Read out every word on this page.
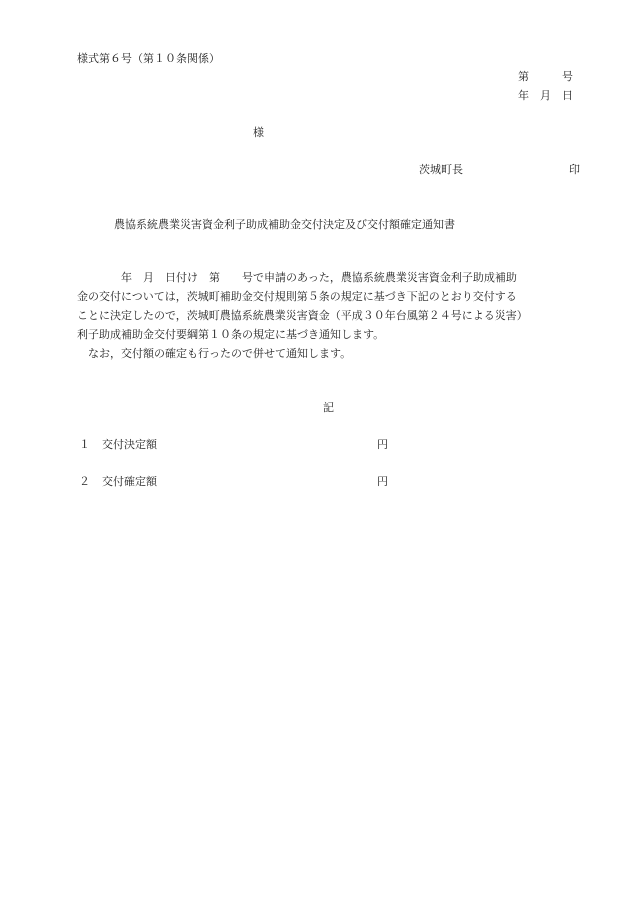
様式第６号（第１０条関係）
第　　　号
年　月　日
様
茨城町長	印
農協系統農業災害資金利子助成補助金交付決定及び交付額確定通知書

　　　　年　月　日付け　第　　号で申請のあった，農協系統農業災害資金利子助成補助

金の交付については，茨城町補助金交付規則第５条の規定に基づき下記のとおり交付する

ことに決定したので，茨城町農協系統農業災害資金（平成３０年台風第２４号による災害）

利子助成補助金交付要綱第１０条の規定に基づき通知します。

　なお，交付額の確定も行ったので併せて通知します。

記
１ 交付決定額	円
２ 交付確定額	円
